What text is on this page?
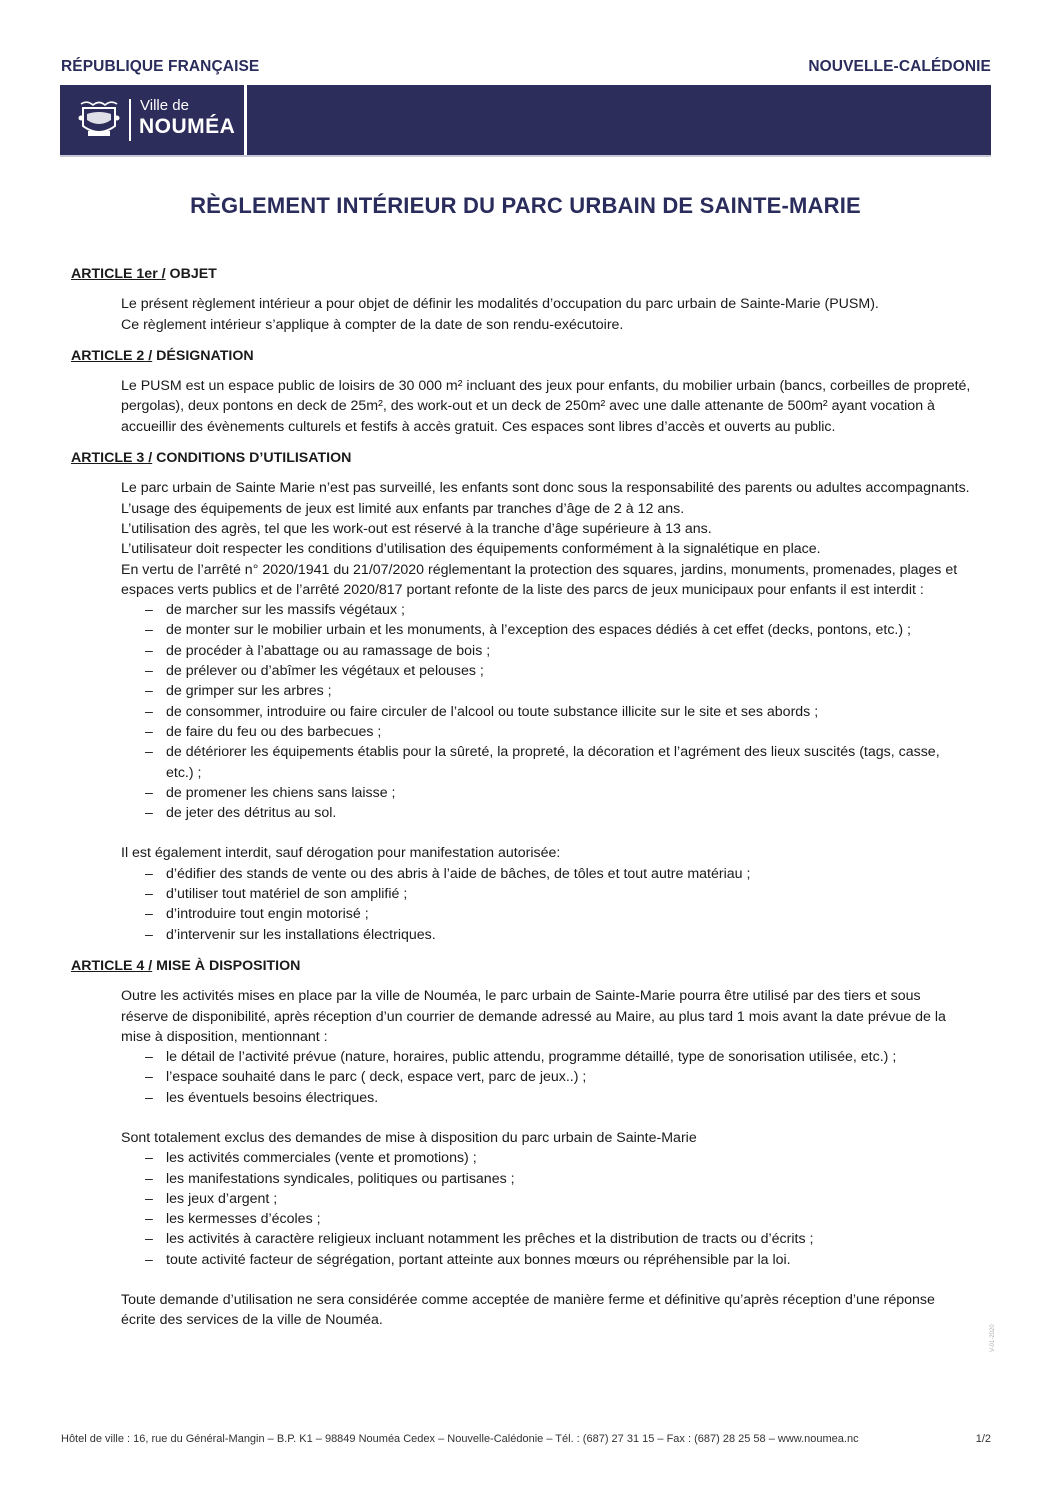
RÉPUBLIQUE FRANÇAISE	NOUVELLE-CALÉDONIE
Ville de
NOUMÉA
RÈGLEMENT INTÉRIEUR DU PARC URBAIN DE SAINTE-MARIE
ARTICLE 1er / OBJET

Le présent règlement intérieur a pour objet de définir les modalités d’occupation du parc urbain de Sainte-Marie (PUSM).

Ce règlement intérieur s’applique à compter de la date de son rendu-exécutoire.

ARTICLE 2 / DÉSIGNATION

Le PUSM est un espace public de loisirs de 30 000 m² incluant des jeux pour enfants, du mobilier urbain (bancs, corbeilles de propreté, pergolas), deux pontons en deck de 25m², des work-out et un deck de 250m² avec une dalle attenante de 500m² ayant vocation à accueillir des évènements culturels et festifs à accès gratuit. Ces espaces sont libres d’accès et ouverts au public.

ARTICLE 3 / CONDITIONS D’UTILISATION

Le parc urbain de Sainte Marie n’est pas surveillé, les enfants sont donc sous la responsabilité des parents ou adultes accompagnants.

L’usage des équipements de jeux est limité aux enfants par tranches d’âge de 2 à 12 ans.

L’utilisation des agrès, tel que les work-out est réservé à la tranche d’âge supérieure à 13 ans.

L’utilisateur doit respecter les conditions d’utilisation des équipements conformément à la signalétique en place.

En vertu de l’arrêté n° 2020/1941 du 21/07/2020 réglementant la protection des squares, jardins, monuments, promenades, plages et espaces verts publics et de l’arrêté 2020/817 portant refonte de la liste des parcs de jeux municipaux pour enfants il est interdit :

– de marcher sur les massifs végétaux ;
– de monter sur le mobilier urbain et les monuments, à l’exception des espaces dédiés à cet effet (decks, pontons, etc.) ;
– de procéder à l’abattage ou au ramassage de bois ;
– de prélever ou d’abîmer les végétaux et pelouses ;
– de grimper sur les arbres ;
– de consommer, introduire ou faire circuler de l’alcool ou toute substance illicite sur le site et ses abords ;
– de faire du feu ou des barbecues ;
– de détériorer les équipements établis pour la sûreté, la propreté, la décoration et l’agrément des lieux suscités (tags, casse, etc.) ;
– de promener les chiens sans laisse ;
– de jeter des détritus au sol.

Il est également interdit, sauf dérogation pour manifestation autorisée:

– d’édifier des stands de vente ou des abris à l’aide de bâches, de tôles et tout autre matériau ;
– d’utiliser tout matériel de son amplifié ;
– d’introduire tout engin motorisé ;
– d’intervenir sur les installations électriques.
ARTICLE 4 / MISE À DISPOSITION

Outre les activités mises en place par la ville de Nouméa, le parc urbain de Sainte-Marie pourra être utilisé par des tiers et sous réserve de disponibilité, après réception d’un courrier de demande adressé au Maire, au plus tard 1 mois avant la date prévue de la mise à disposition, mentionnant :

– le détail de l’activité prévue (nature, horaires, public attendu, programme détaillé, type de sonorisation utilisée, etc.) ;
– l’espace souhaité dans le parc ( deck, espace vert, parc de jeux..) ;
– les éventuels besoins électriques.

Sont totalement exclus des demandes de mise à disposition du parc urbain de Sainte-Marie

– les activités commerciales (vente et promotions) ;
– les manifestations syndicales, politiques ou partisanes ;
– les jeux d’argent ;
– les kermesses d’écoles ;
– les activités à caractère religieux incluant notamment les prêches et la distribution de tracts ou d’écrits ;
– toute activité facteur de ségrégation, portant atteinte aux bonnes mœurs ou répréhensible par la loi.

Toute demande d’utilisation ne sera considérée comme acceptée de manière ferme et définitive qu’après réception d’une réponse écrite des services de la ville de Nouméa.

V-01-2020
Hôtel de ville : 16, rue du Général-Mangin – B.P. K1 – 98849 Nouméa Cedex – Nouvelle-Calédonie – Tél. : (687) 27 31 15 – Fax : (687) 28 25 58 – www.noumea.nc	1/2
